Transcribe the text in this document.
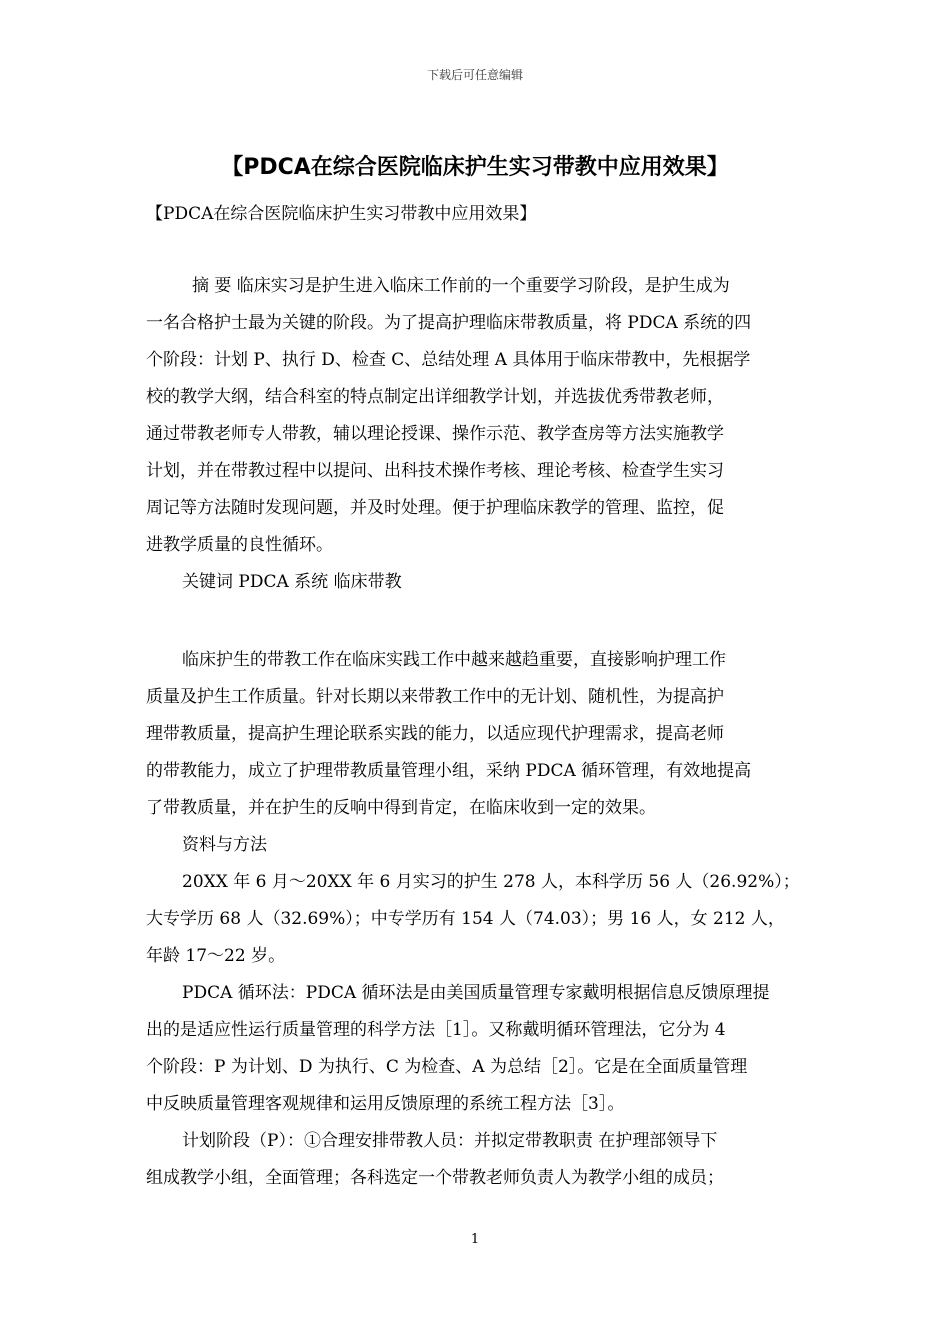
下载后可任意编辑
【PDCA在综合医院临床护生实习带教中应用效果】

【PDCA在综合医院临床护生实习带教中应用效果】

摘 要 临床实习是护生进入临床工作前的一个重要学习阶段，是护生成为
一名合格护士最为关键的阶段。为了提高护理临床带教质量，将 PDCA 系统的四
个阶段：计划 P、执行 D、检查 C、总结处理 A 具体用于临床带教中，先根据学
校的教学大纲，结合科室的特点制定出详细教学计划，并选拔优秀带教老师，
通过带教老师专人带教，辅以理论授课、操作示范、教学查房等方法实施教学
计划，并在带教过程中以提问、出科技术操作考核、理论考核、检查学生实习
周记等方法随时发现问题，并及时处理。便于护理临床教学的管理、监控，促
进教学质量的良性循环。
关键词 PDCA 系统 临床带教
临床护生的带教工作在临床实践工作中越来越趋重要，直接影响护理工作
质量及护生工作质量。针对长期以来带教工作中的无计划、随机性，为提高护
理带教质量，提高护生理论联系实践的能力，以适应现代护理需求，提高老师
的带教能力，成立了护理带教质量管理小组，采纳 PDCA 循环管理，有效地提高
了带教质量，并在护生的反响中得到肯定，在临床收到一定的效果。
资料与方法
20XX 年 6 月～20XX 年 6 月实习的护生 278 人，本科学历 56 人（26.92%）；
大专学历 68 人（32.69%）；中专学历有 154 人（74.03）；男 16 人，女 212 人，
年龄 17～22 岁。
PDCA 循环法：PDCA 循环法是由美国质量管理专家戴明根据信息反馈原理提
出的是适应性运行质量管理的科学方法［1］。又称戴明循环管理法，它分为 4
个阶段：P 为计划、D 为执行、C 为检查、A 为总结［2］。它是在全面质量管理
中反映质量管理客观规律和运用反馈原理的系统工程方法［3］。
计划阶段（P）：①合理安排带教人员：并拟定带教职责 在护理部领导下
组成教学小组，全面管理；各科选定一个带教老师负责人为教学小组的成员；
1
